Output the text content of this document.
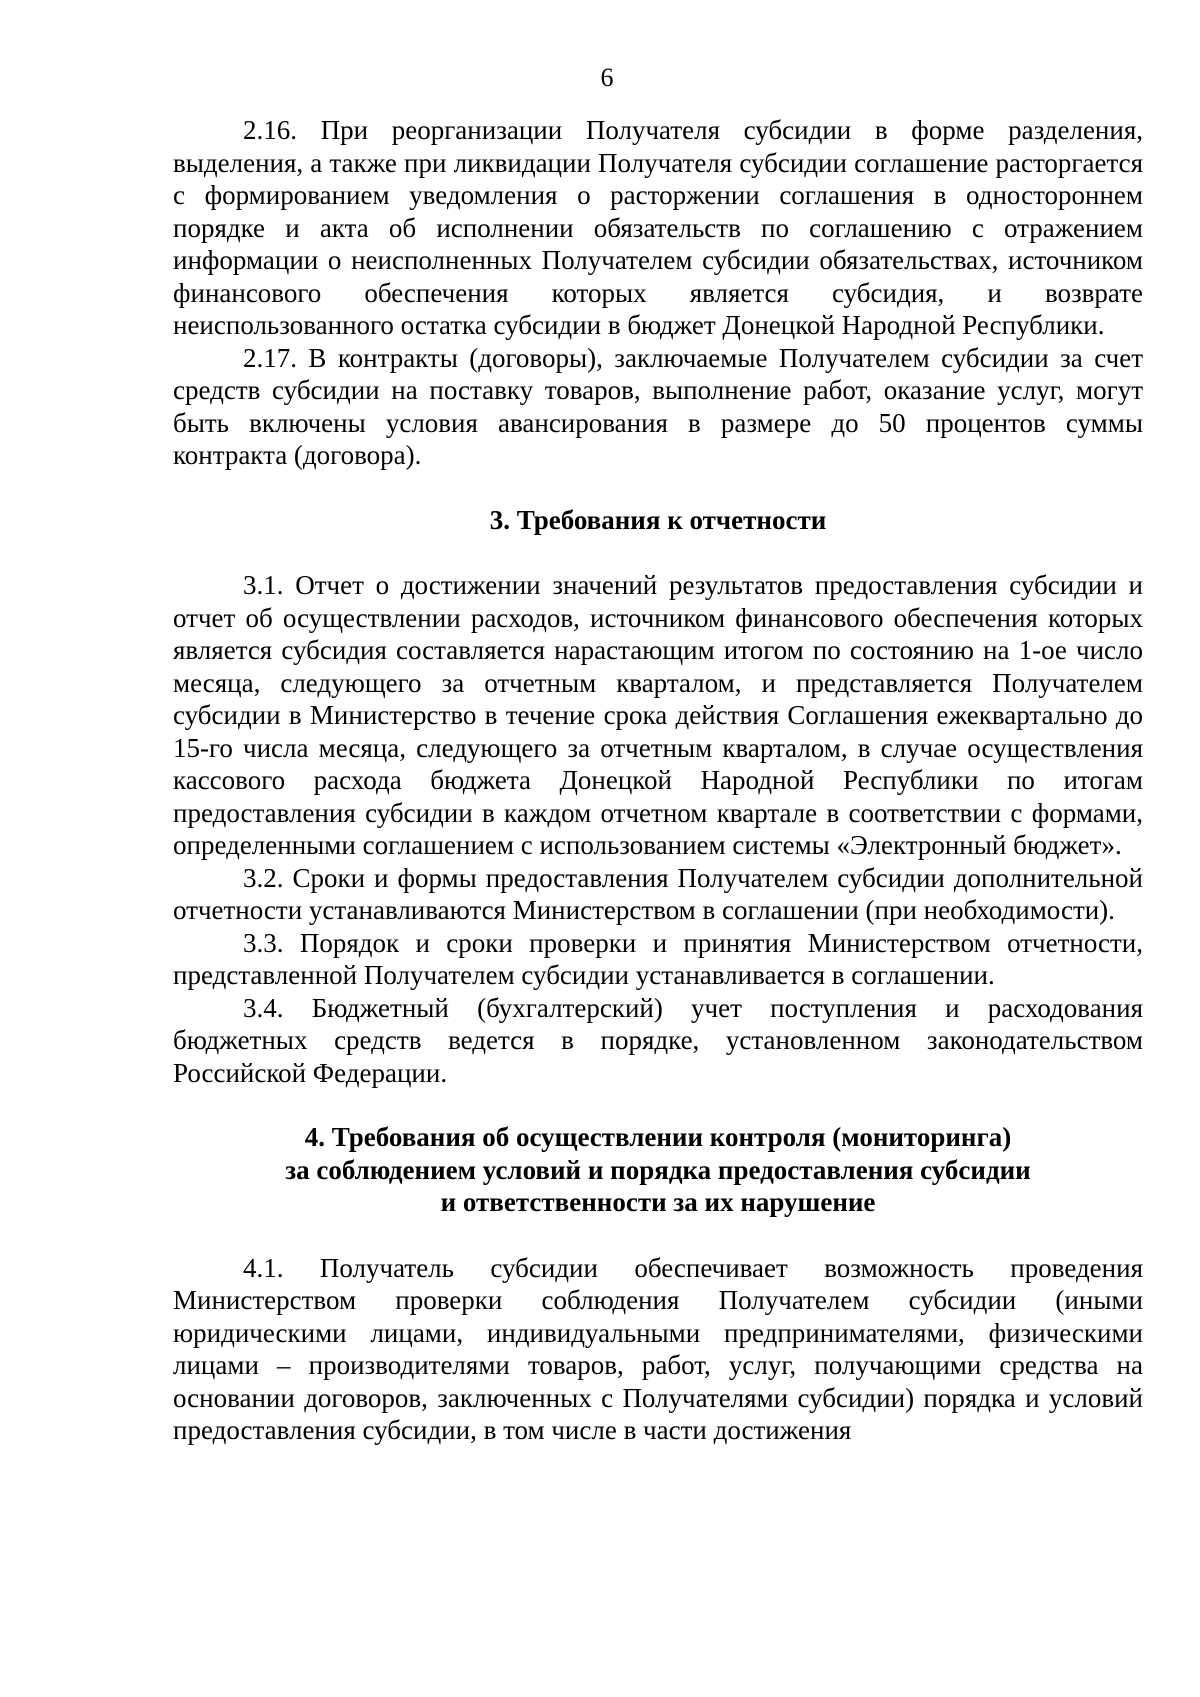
6

2.16. При реорганизации Получателя субсидии в форме разделения, выделения, а также при ликвидации Получателя субсидии соглашение расторгается с формированием уведомления о расторжении соглашения в одностороннем порядке и акта об исполнении обязательств по соглашению с отражением информации о неисполненных Получателем субсидии обязательствах, источником финансового обеспечения которых является субсидия, и возврате неиспользованного остатка субсидии в бюджет Донецкой Народной Республики.

2.17. В контракты (договоры), заключаемые Получателем субсидии за счет средств субсидии на поставку товаров, выполнение работ, оказание услуг, могут быть включены условия авансирования в размере до 50 процентов суммы контракта (договора).

3. Требования к отчетности

3.1. Отчет о достижении значений результатов предоставления субсидии и отчет об осуществлении расходов, источником финансового обеспечения которых является субсидия составляется нарастающим итогом по состоянию на 1-ое число месяца, следующего за отчетным кварталом, и представляется Получателем субсидии в Министерство в течение срока действия Соглашения ежеквартально до 15-го числа месяца, следующего за отчетным кварталом, в случае осуществления кассового расхода бюджета Донецкой Народной Республики по итогам предоставления субсидии в каждом отчетном квартале в соответствии с формами, определенными соглашением с использованием системы «Электронный бюджет».

3.2. Сроки и формы предоставления Получателем субсидии дополнительной отчетности устанавливаются Министерством в соглашении (при необходимости).

3.3. Порядок и сроки проверки и принятия Министерством отчетности, представленной Получателем субсидии устанавливается в соглашении.

3.4. Бюджетный (бухгалтерский) учет поступления и расходования бюджетных средств ведется в порядке, установленном законодательством Российской Федерации.

4. Требования об осуществлении контроля (мониторинга)
за соблюдением условий и порядка предоставления субсидии
и ответственности за их нарушение

4.1. Получатель субсидии обеспечивает возможность проведения Министерством проверки соблюдения Получателем субсидии (иными юридическими лицами, индивидуальными предпринимателями, физическими лицами – производителями товаров, работ, услуг, получающими средства на основании договоров, заключенных с Получателями субсидии) порядка и условий предоставления субсидии, в том числе в части достижения
